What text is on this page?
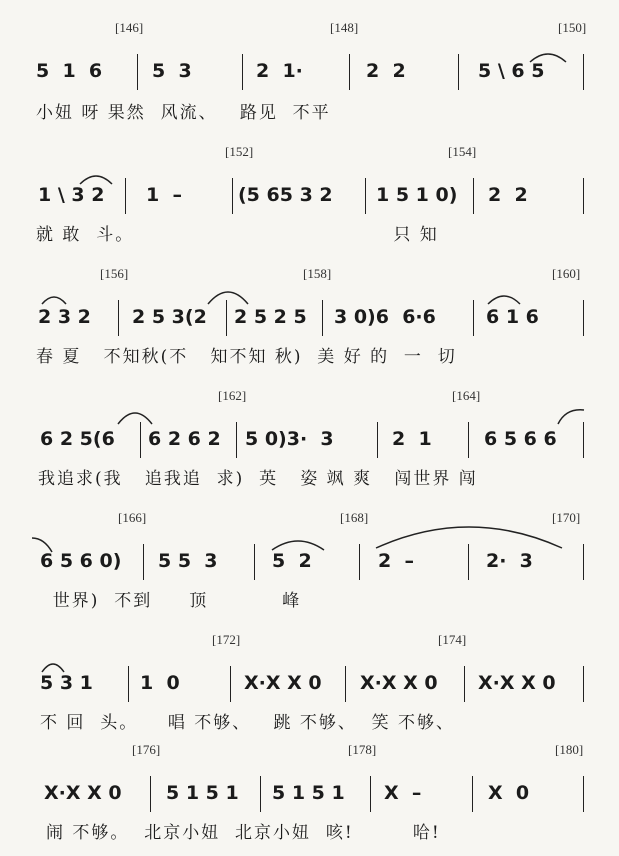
[146]	[148]	[150]
5  1  6	5  3	2  1·	2  2	5 \ 6 5
小妞 呀 果然  风流、   路见  不平
[152]	[154]
1 \ 3 2 1  –	(5 65 3 2 1 5 1 0) 2  2
就 敢  斗。                                   只 知
[156]	[158]	[160]
2 3 2 2 5 3(2 2 5 2 5 3 0)6  6·6	6 1 6
春 夏   不知秋(不   知不知 秋)  美 好 的  一  切
[162]	[164]
6 2 5(6 6 2 6 2 5 0)3·  3	2  1	6 5 6 6
我追求(我   追我追  求)  英   姿 飒 爽   闯世界 闯
[166]	[168]	[170]
6 5 6 0) 5 5  3	5  2	2  –	2·  3
世界)  不到     顶          峰
[172]	[174]
5 3 1 1  0	X·X X 0 X·X X 0 X·X X 0
不 回  头。    唱 不够、   跳 不够、  笑 不够、
[176]	[178]	[180]
X·X X 0 5 1 5 1 5 1 5 1 X  –	X  0
闹 不够。  北京小妞  北京小妞  咳!        哈!
